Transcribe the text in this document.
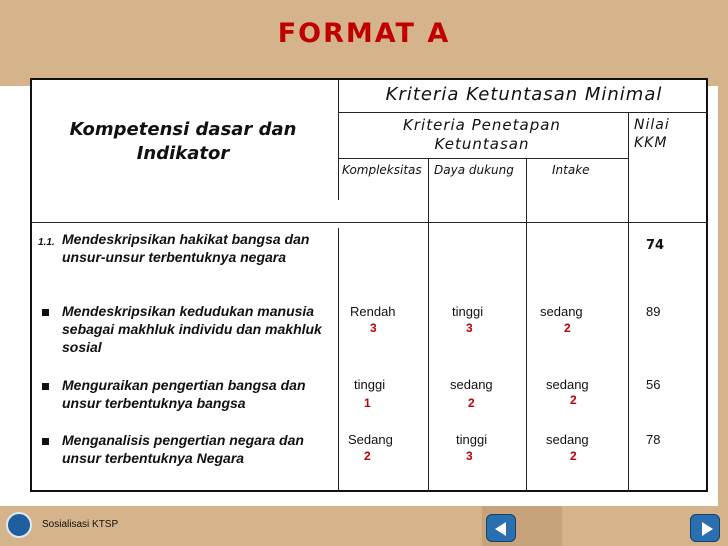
FORMAT A
Kompetensi dasar dan Indikator
Kriteria Ketuntasan Minimal
Kriteria Penetapan Ketuntasan
Nilai KKM
Kompleksitas	Daya dukung	Intake
1.1. Mendeskripsikan hakikat bangsa dan unsur-unsur terbentuknya negara
74
Mendeskripsikan kedudukan manusia sebagai makhluk individu dan makhluk sosial
Rendah
3
tinggi
3
sedang
2
89
Menguraikan pengertian bangsa dan unsur terbentuknya bangsa
tinggi
1
sedang
2
sedang
2
56
Menganalisis pengertian negara dan unsur terbentuknya Negara
Sedang
2
tinggi
3
sedang
2
78
Sosialisasi KTSP
